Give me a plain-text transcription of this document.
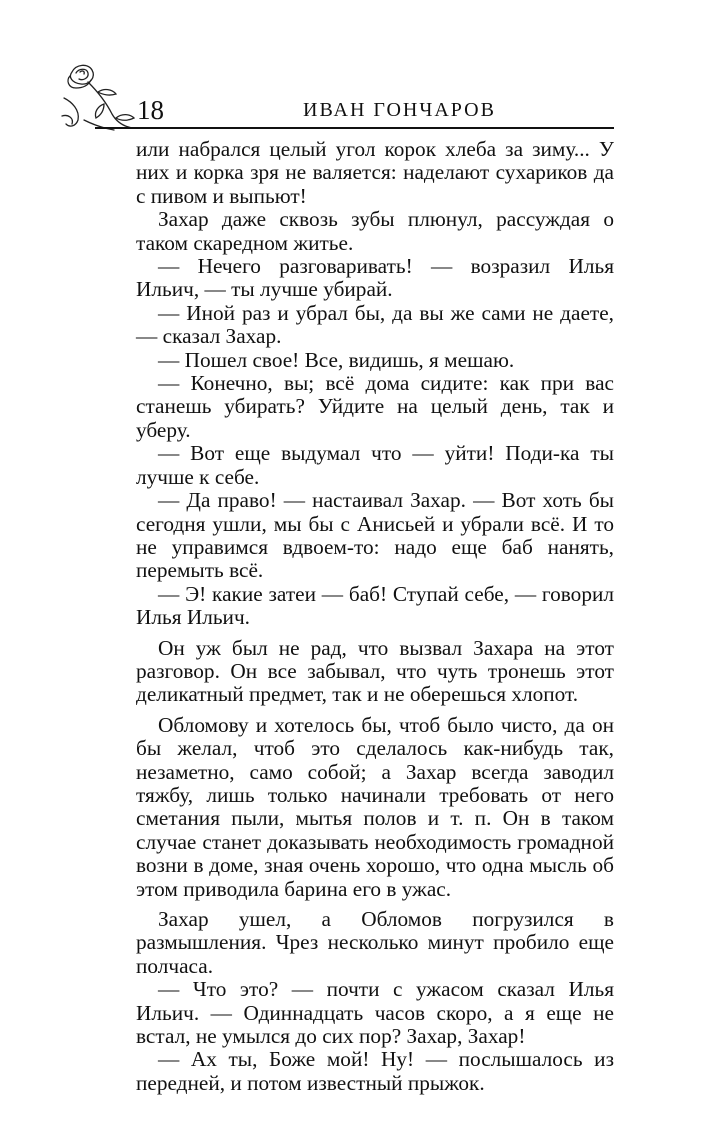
18	ИВАН ГОНЧАРОВ

или набрался целый угол корок хлеба за зиму... У них и корка зря не валяется: наделают сухариков да с пивом и выпьют!

Захар даже сквозь зубы плюнул, рассуждая о таком скаредном житье.

— Нечего разговаривать! — возразил Илья Ильич, — ты лучше убирай.

— Иной раз и убрал бы, да вы же сами не даете, — сказал Захар.

— Пошел свое! Все, видишь, я мешаю.

— Конечно, вы; всё дома сидите: как при вас станешь убирать? Уйдите на целый день, так и уберу.

— Вот еще выдумал что — уйти! Поди-ка ты лучше к себе.

— Да право! — настаивал Захар. — Вот хоть бы сегодня ушли, мы бы с Анисьей и убрали всё. И то не управимся вдвоем-то: надо еще баб нанять, перемыть всё.

— Э! какие затеи — баб! Ступай себе, — говорил Илья Ильич.

Он уж был не рад, что вызвал Захара на этот разговор. Он все забывал, что чуть тронешь этот деликатный предмет, так и не оберешься хлопот.

Обломову и хотелось бы, чтоб было чисто, да он бы желал, чтоб это сделалось как-нибудь так, незаметно, само собой; а Захар всегда заводил тяжбу, лишь только начинали требовать от него сметания пыли, мытья полов и т. п. Он в таком случае станет доказывать необходимость громадной возни в доме, зная очень хорошо, что одна мысль об этом приводила барина его в ужас.

Захар ушел, а Обломов погрузился в размышления. Чрез несколько минут пробило еще полчаса.

— Что это? — почти с ужасом сказал Илья Ильич. — Одиннадцать часов скоро, а я еще не встал, не умылся до сих пор? Захар, Захар!

— Ах ты, Боже мой! Ну! — послышалось из передней, и потом известный прыжок.
